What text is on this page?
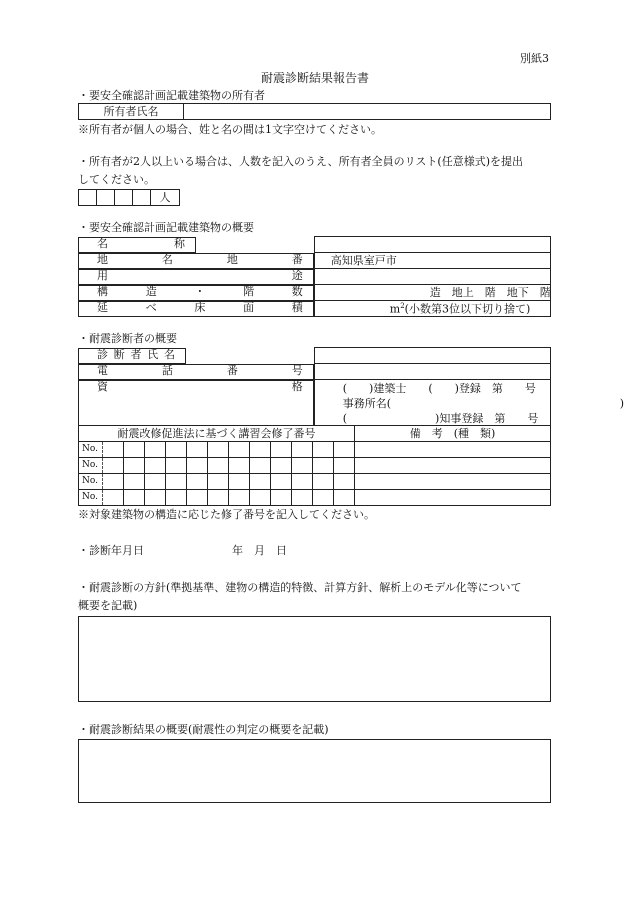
別紙3
耐震診断結果報告書
・要安全確認計画記載建築物の所有者
所有者氏名	
※所有者が個人の場合、姓と名の間は1文字空けてください。
・所有者が2人以上いる場合は、人数を記入のうえ、所有者全員のリスト(任意様式)を提出
してください。
				人
・要安全確認計画記載建築物の概要
名	称

地	名	地	番	高知県室戸市

用	途

構	造	・	階	数	造　地上　階　地下　階

延	べ	床	面	積	$m^2$(小数第3位以下切り捨て)
・耐震診断者の概要
診 断 者 氏 名

電	話	番	号

資	格	(　　)建築士　　(　　)登録　第　　号
事務所名(	)
(　　　　　　　　)知事登録　第　　号
耐震改修促進法に基づく講習会修了番号	備　考　(種　類)
No.													
No.													
No.													
No.													
※対象建築物の構造に応じた修了番号を記入してください。
・診断年月日	年　月　日
・耐震診断の方針(準拠基準、建物の構造的特徴、計算方針、解析上のモデル化等について
概要を記載)
・耐震診断結果の概要(耐震性の判定の概要を記載)
